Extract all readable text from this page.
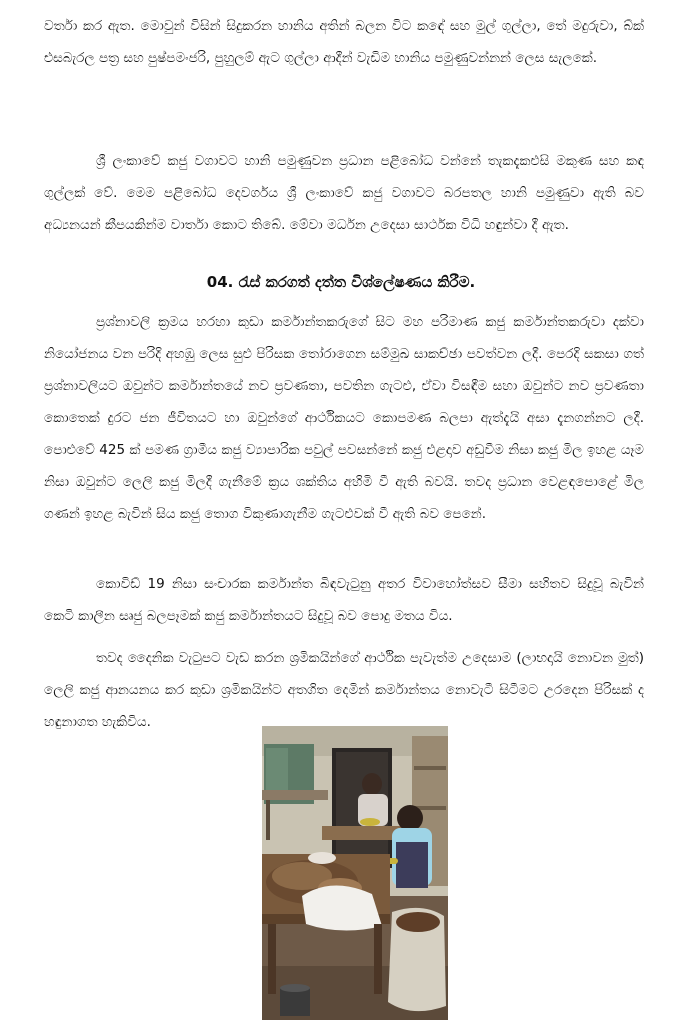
වර්තා කර ඇත. මොවුන් විසින් සිදුකරන හානිය අතින් බලන විට කඳේ සහ මුල් ගුල්ලා, තේ මදුරුවා, බ්ක් එසබැරල පත්‍ර සහ පුෂ්පමංජරි, පුහුලම් ඇට ගුල්ලා ආදීන් වැඩිම හානිය පමුණුවන්නන් ලෙස සැලකේ.

ශ්‍රී ලංකාවේ කජු වගාවට හානි පමුණුවන ප්‍රධාන පළිබෝධ වන්නේ තැකදැකළුසි මකුණ සහ කඳ ගුල්ලක් වේ. මෙම පළිබෝධ දෙවර්ගය ශ්‍රී ලංකාවේ කජු වගාවට බරපතල හානි පමුණුවා ඇති බව අධ්‍යනයන් කීපයකින්ම වාර්තා කොට තිබේ. මේවා මර්ධන උදෙසා සාර්ථක විධි හඳුන්වා දී ඇත.

04. රැස් කරගත් දත්ත විශ්ලේෂණය කිරීම.

ප්‍රශ්නාවලි ක්‍රමය හරහා කුඩා කර්මාන්තකරුගේ සිට මහ පරිමාණ කජු කර්මාන්තකරුවා දක්වා නියෝජනය වන පරිදි අහඹු ලෙස සුළු පිරිසක තෝරාගෙන සම්මුඛ සාකච්ඡා පවත්වන ලදී. පෙරදි සකසා ගත් ප්‍රශ්නාවලියට ඔවුන්ට කර්මාන්තයේ නව ප්‍රවණතා, පවතින ගැටළු, ඒවා විසඳීම සහා ඔවුන්ට නව ප්‍රවණතා කොතෙක් දුරට ජන ජීවිතයට හා ඔවුන්ගේ ආර්ථිකයට කොපමණ බලපා ඇත්දැයි අසා දැනගන්නට ලදී. පොළුවේ 425 ක් පමණ ග්‍රාමීය කජු ව්‍යාපාරික පවුල් පවසන්නේ කජු එළදාව අඩුවීම නිසා කජු මිල ඉහළ යෑම නිසා ඔවුන්ට ලෙලි කජු මිලදී ගැනීමේ ක්‍රය ශක්තිය අහිමි වී ඇති බවයි. තවද ප්‍රධාන වෙළඳපොළේ මිල ගණන් ඉහළ බැවින් සිය කජු තොග විකුණාගැනීම ගැටළුවක් වී ඇති බව පෙනේ.

කොවිඩ් 19 නිසා සංචාරක කර්මාන්ත බිඳවැටුනු අතර විවාහෝත්සව සීමා සහිතව සිදුවූ බැවින් කෙටි කාලීන සෘජු බලපෑමක් කජු කර්මාන්තයට සිදුවූ බව පොදු මතය විය.

තවද දෛනික වැටුපට වැඩ කරන ශ්‍රමිකයින්ගේ ආර්ථික පැවැත්ම උදෙසාම (ලාභදායි නොවන මුත්) ලෙලි කජු ආනයනය කර කුඩා ශ්‍රමිකයින්ට අතගිත දෙමින් කර්මාන්තය නොවැටී සිටීමට උරදෙන පිරිසක් ද හඳුනාගත හැකිවිය.
